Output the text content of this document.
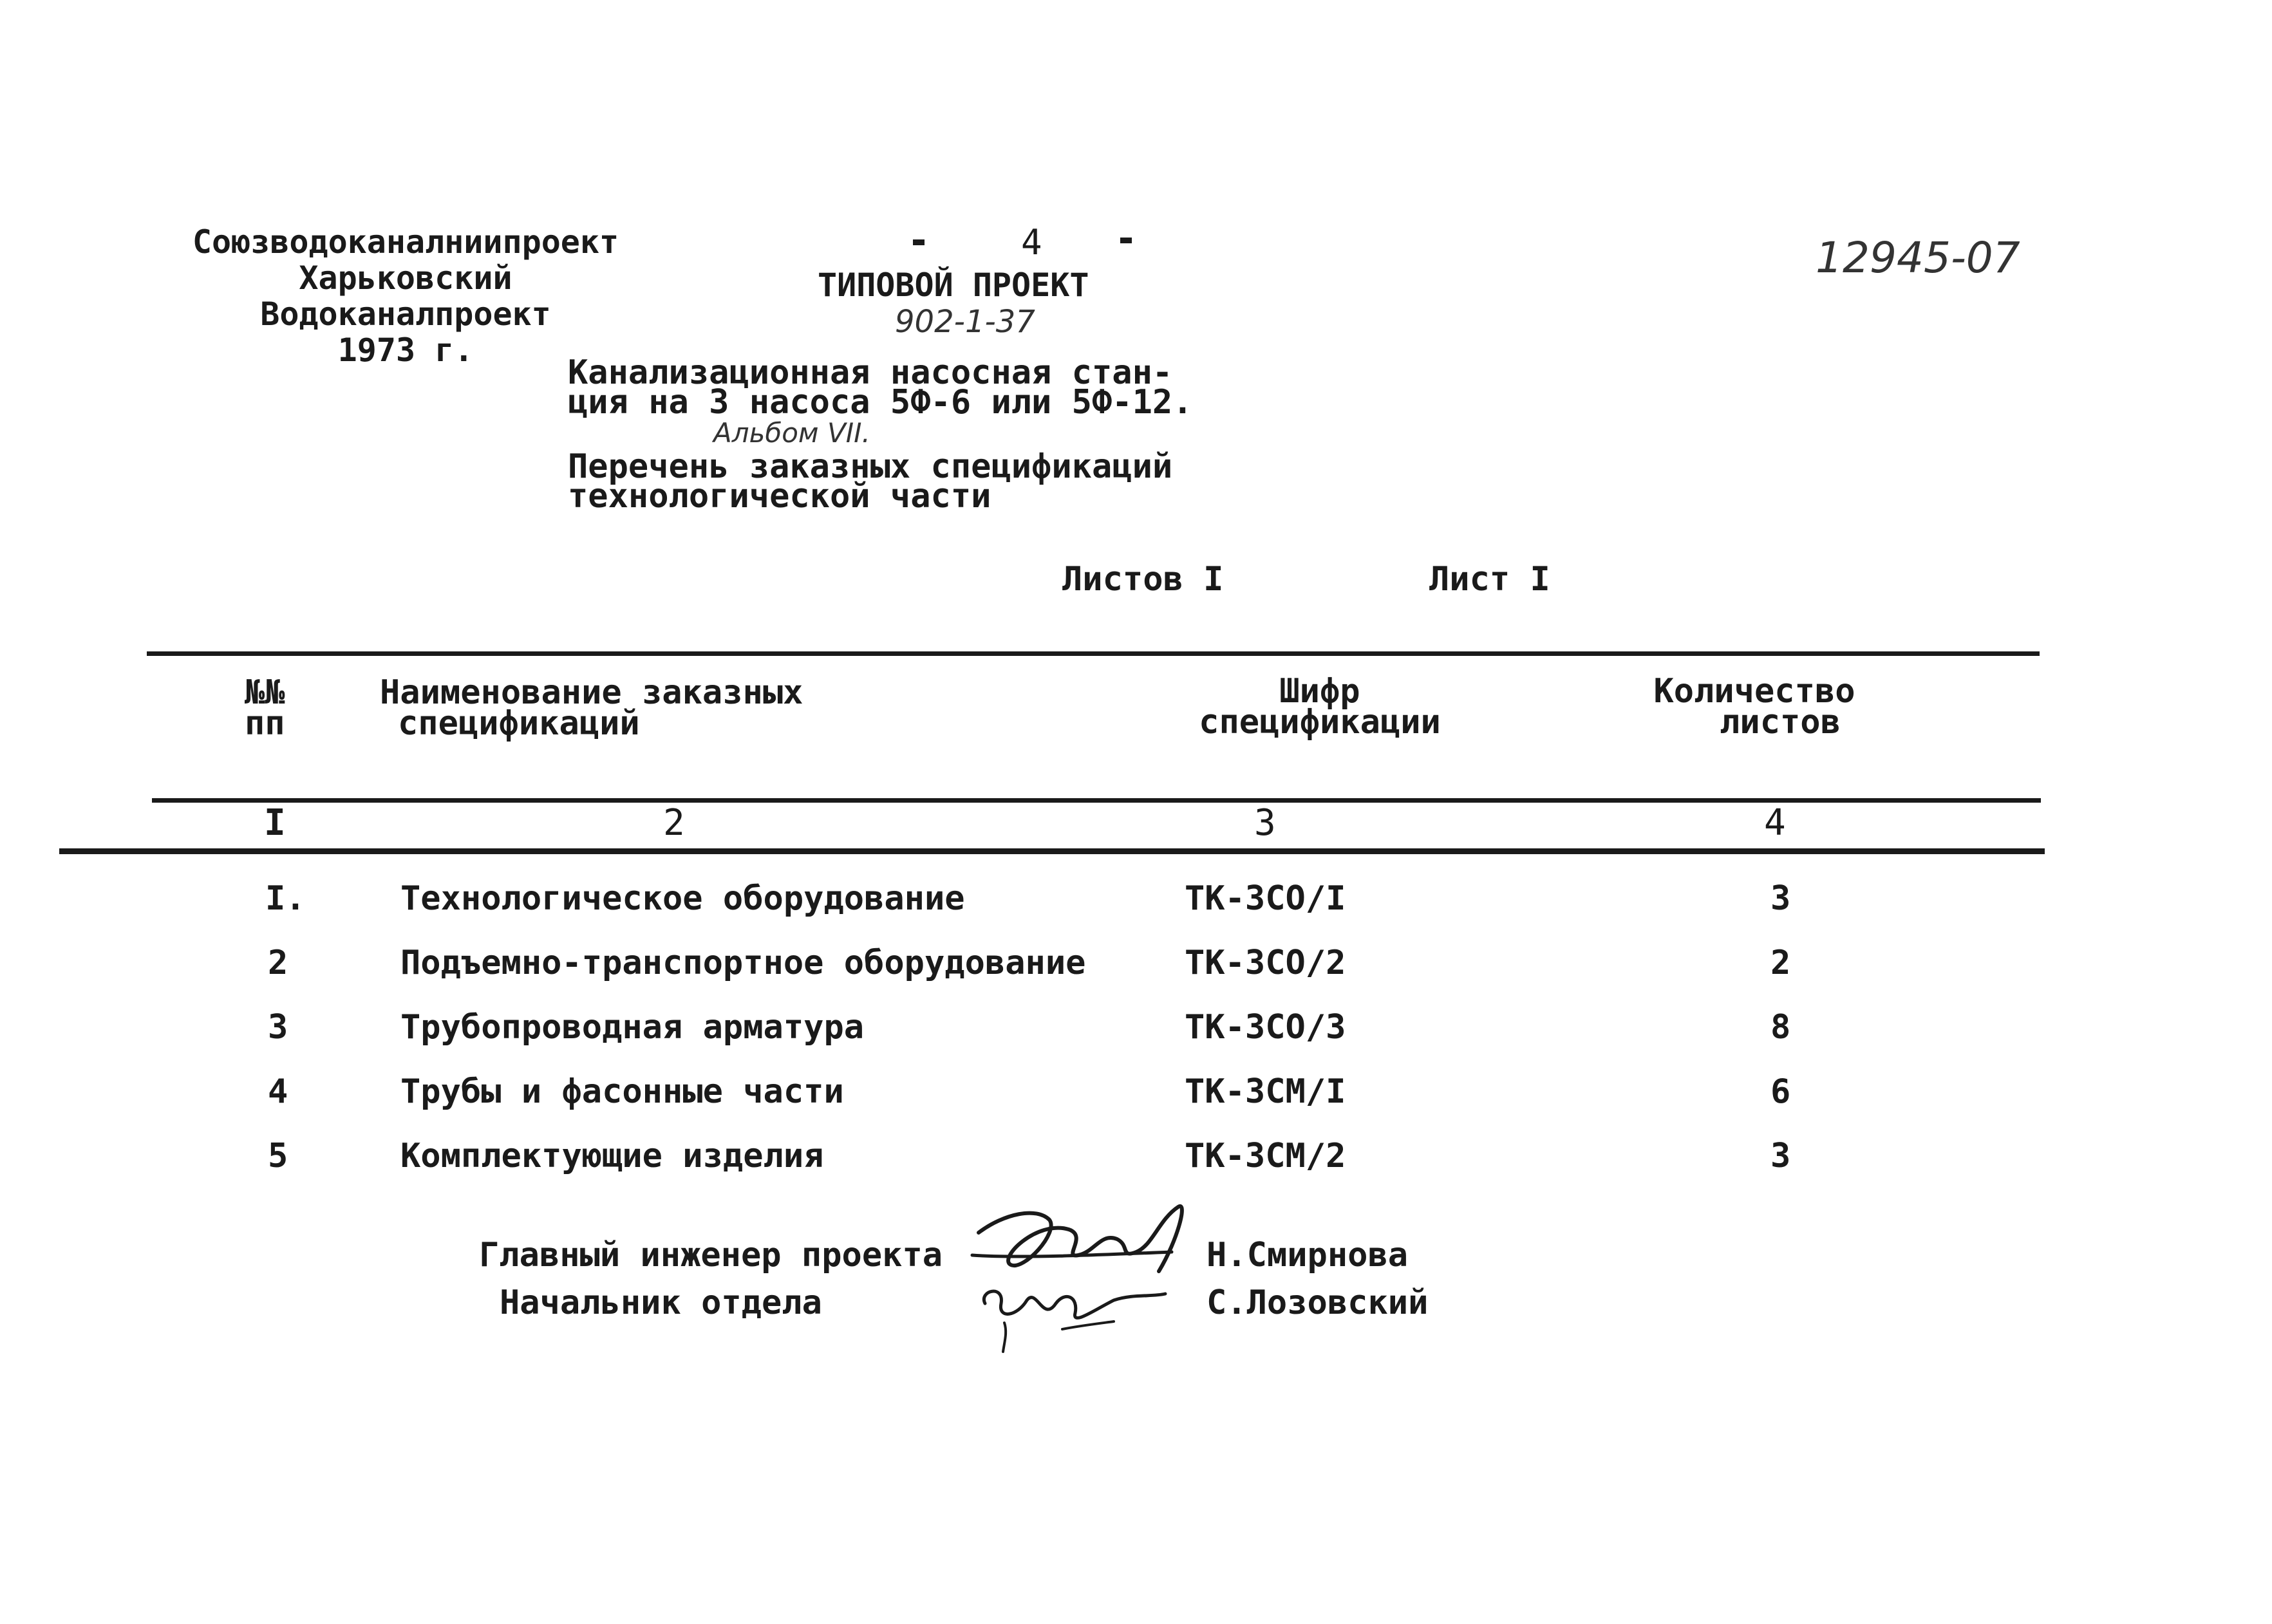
Союзводоканалниипроект
Харьковский
Водоканалпроект
1973 г.
4	12945-07
ТИПОВОЙ ПРОЕКТ
902-1-37
Канализационная насосная стан-
ция на 3 насоса 5Ф-6 или 5Ф-12.
Альбом VII.
Перечень заказных спецификаций
технологической части
Листов I	Лист I
№№
пп
Наименование заказных
спецификаций
Шифр
спецификации
Количество
листов
I	2	3	4
I.	Технологическое оборудование	ТК-3СО/I	3
2	Подъемно-транспортное оборудование	ТК-3СО/2	2
3	Трубопроводная арматура	ТК-3СО/3	8
4	Трубы и фасонные части	ТК-3СМ/I	6
5	Комплектующие изделия	ТК-3СМ/2	3
Главный инженер проекта	Н.Смирнова
Начальник отдела	С.Лозовский
